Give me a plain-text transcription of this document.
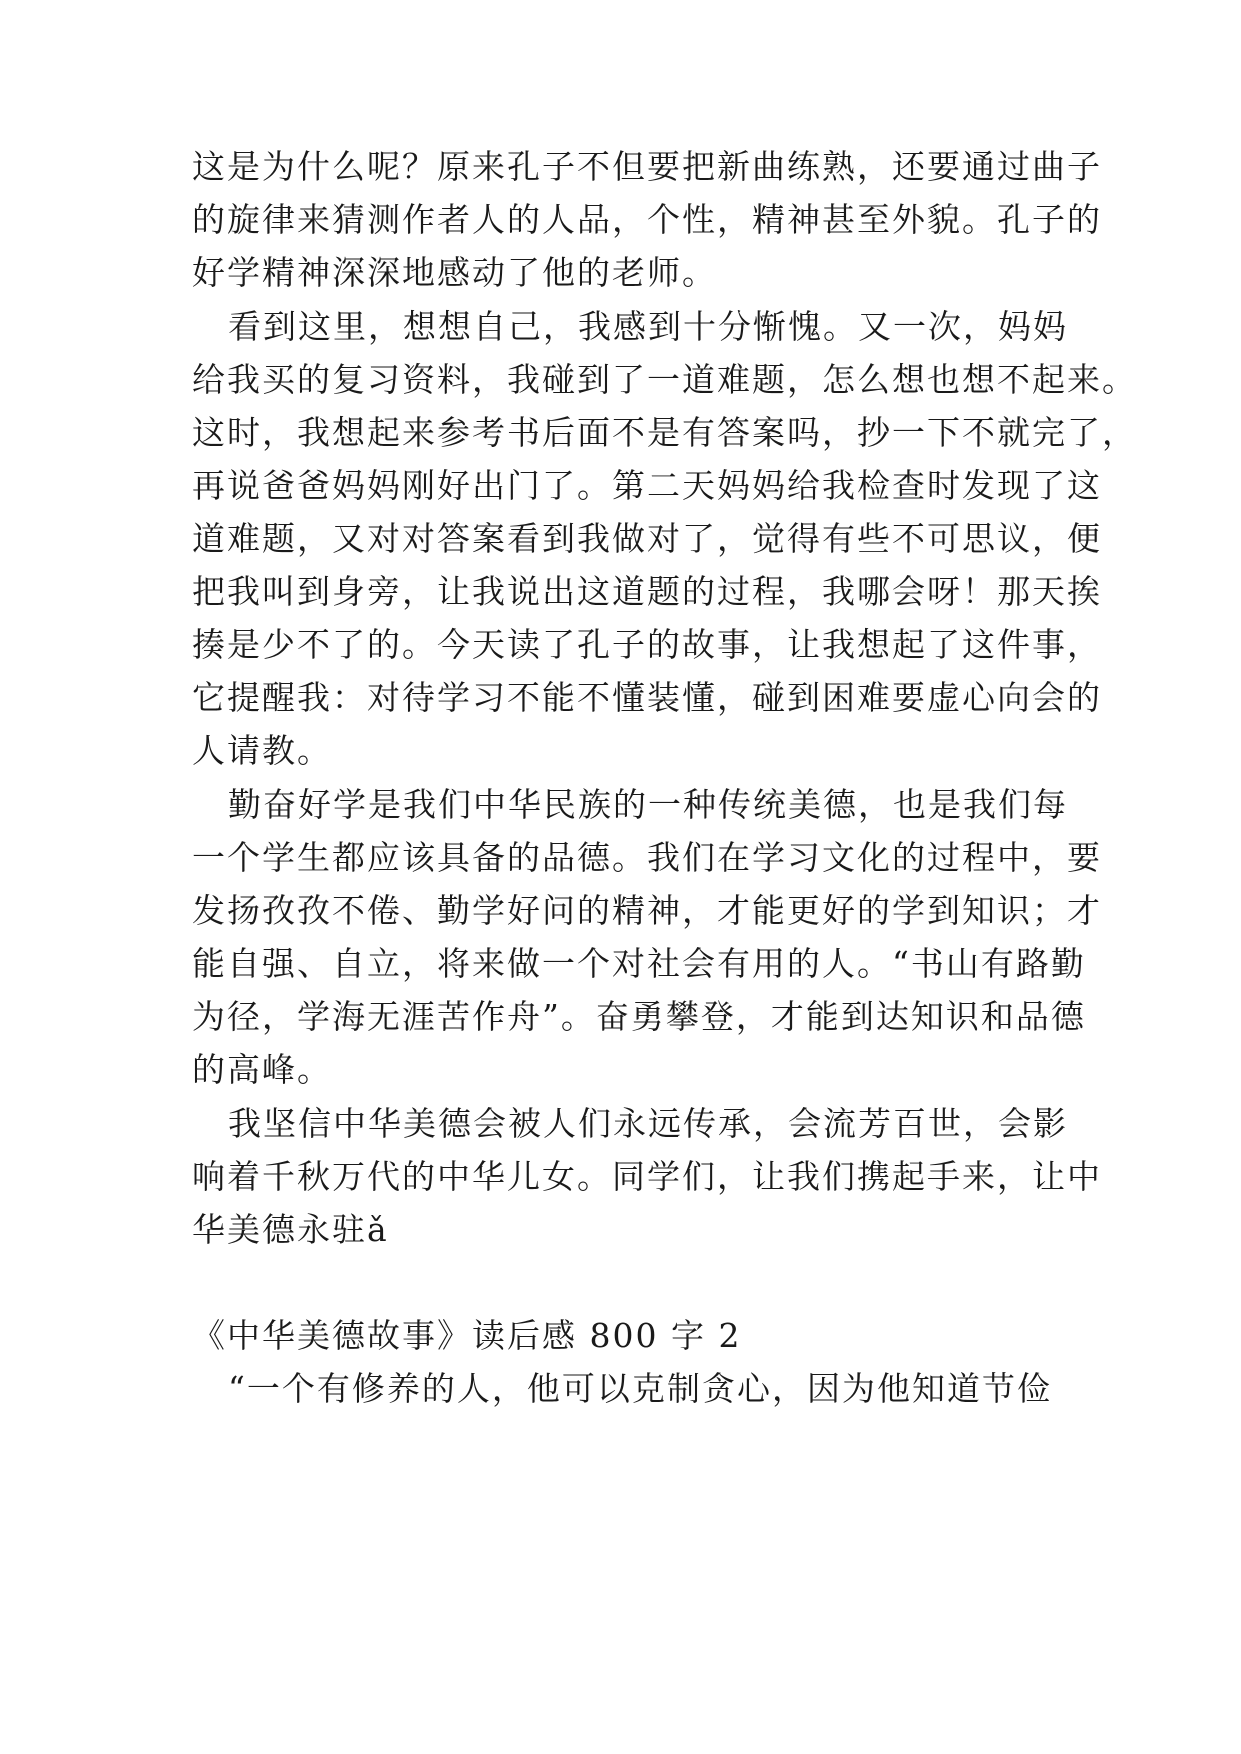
这是为什么呢？原来孔子不但要把新曲练熟，还要通过曲子
的旋律来猜测作者人的人品，个性，精神甚至外貌。孔子的
好学精神深深地感动了他的老师。
看到这里，想想自己，我感到十分惭愧。又一次，妈妈
给我买的复习资料，我碰到了一道难题，怎么想也想不起来。
这时，我想起来参考书后面不是有答案吗，抄一下不就完了，
再说爸爸妈妈刚好出门了。第二天妈妈给我检查时发现了这
道难题，又对对答案看到我做对了，觉得有些不可思议，便
把我叫到身旁，让我说出这道题的过程，我哪会呀！那天挨
揍是少不了的。今天读了孔子的故事，让我想起了这件事，
它提醒我：对待学习不能不懂装懂，碰到困难要虚心向会的
人请教。
勤奋好学是我们中华民族的一种传统美德，也是我们每
一个学生都应该具备的品德。我们在学习文化的过程中，要
发扬孜孜不倦、勤学好问的精神，才能更好的学到知识；才
能自强、自立，将来做一个对社会有用的人。“书山有路勤
为径，学海无涯苦作舟”。奋勇攀登，才能到达知识和品德
的高峰。
我坚信中华美德会被人们永远传承，会流芳百世，会影
响着千秋万代的中华儿女。同学们，让我们携起手来，让中
华美德永驻ǎ
《中华美德故事》读后感 800 字 2
“一个有修养的人，他可以克制贪心，因为他知道节俭
